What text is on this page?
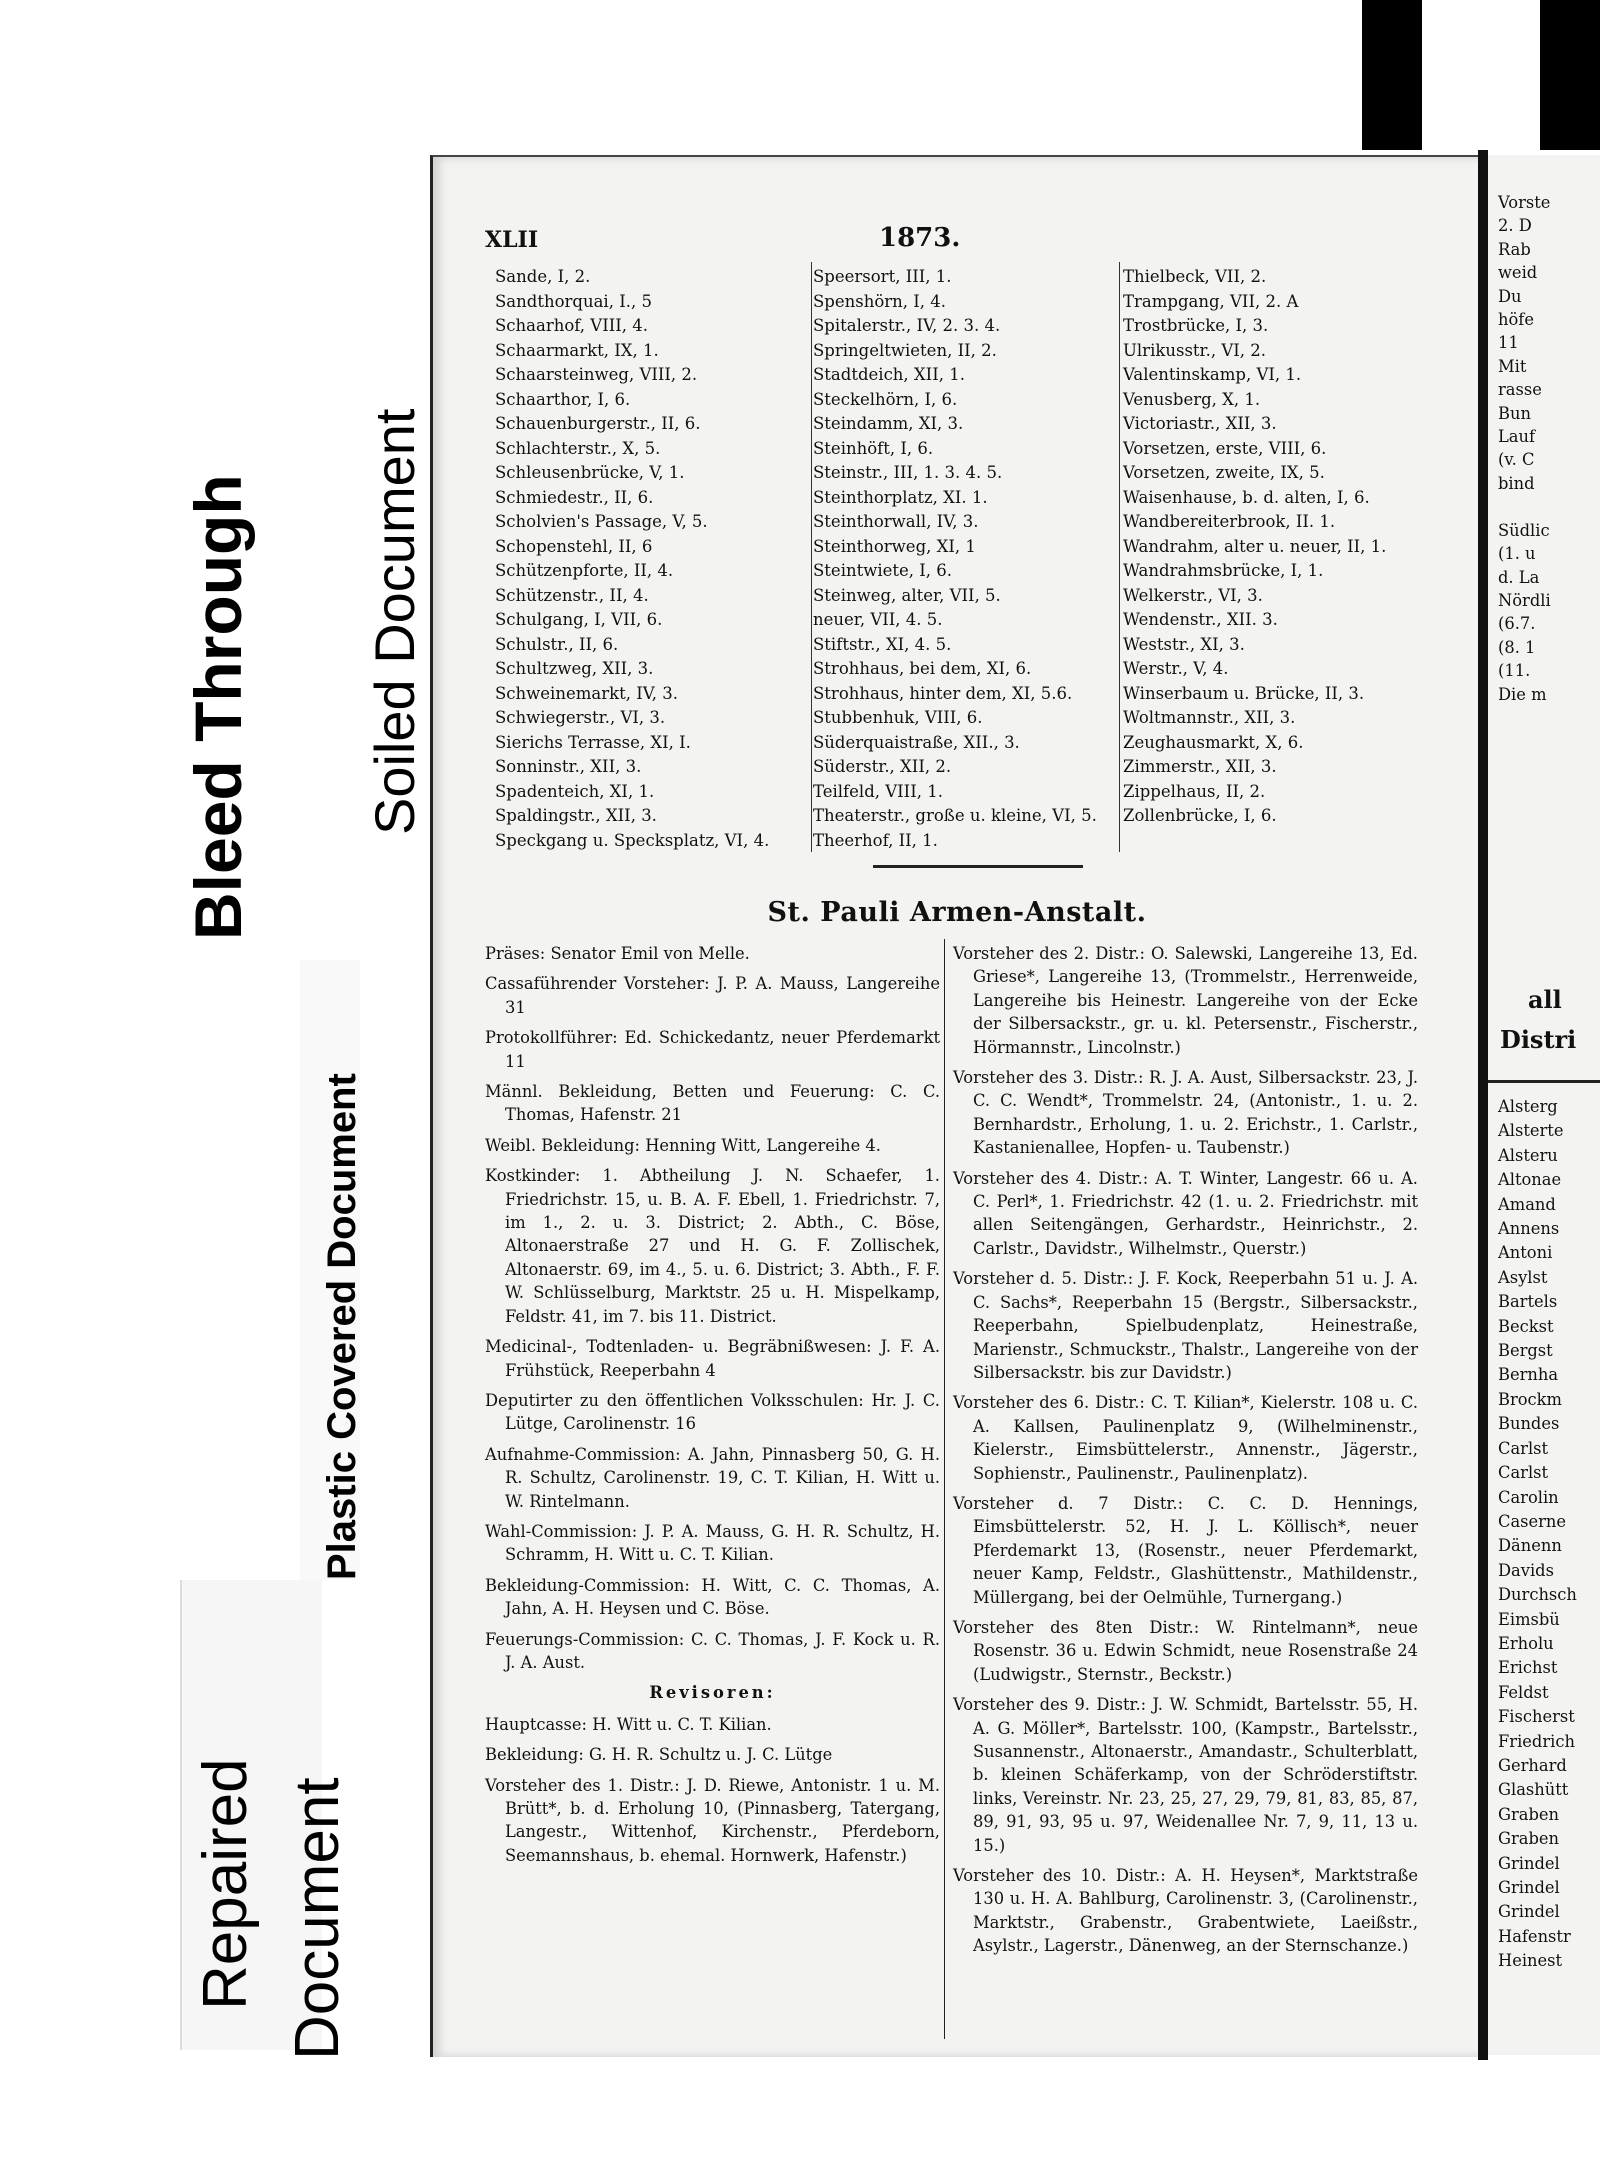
Bleed Through Soiled Document
Plastic Covered Document
Repaired Document
XLII	1873.
Sande, I, 2.
Sandthorquai, I., 5
Schaarhof, VIII, 4.
Schaarmarkt, IX, 1.
Schaarsteinweg, VIII, 2.
Schaarthor, I, 6.
Schauenburgerstr., II, 6.
Schlachterstr., X, 5.
Schleusenbrücke, V, 1.
Schmiedestr., II, 6.
Scholvien's Passage, V, 5.
Schopenstehl, II, 6
Schützenpforte, II, 4.
Schützenstr., II, 4.
Schulgang, I, VII, 6.
Schulstr., II, 6.
Schultzweg, XII, 3.
Schweinemarkt, IV, 3.
Schwiegerstr., VI, 3.
Sierichs Terrasse, XI, I.
Sonninstr., XII, 3.
Spadenteich, XI, 1.
Spaldingstr., XII, 3.
Speckgang u. Specksplatz, VI, 4.
Speersort, III, 1.
Spenshörn, I, 4.
Spitalerstr., IV, 2. 3. 4.
Springeltwieten, II, 2.
Stadtdeich, XII, 1.
Steckelhörn, I, 6.
Steindamm, XI, 3.
Steinhöft, I, 6.
Steinstr., III, 1. 3. 4. 5.
Steinthorplatz, XI. 1.
Steinthorwall, IV, 3.
Steinthorweg, XI, 1
Steintwiete, I, 6.
Steinweg, alter, VII, 5.
neuer, VII, 4. 5.
Stiftstr., XI, 4. 5.
Strohhaus, bei dem, XI, 6.
Strohhaus, hinter dem, XI, 5.6.
Stubbenhuk, VIII, 6.
Süderquaistraße, XII., 3.
Süderstr., XII, 2.
Teilfeld, VIII, 1.
Theaterstr., große u. kleine, VI, 5.
Theerhof, II, 1.
Thielbeck, VII, 2.
Trampgang, VII, 2. A
Trostbrücke, I, 3.
Ulrikusstr., VI, 2.
Valentinskamp, VI, 1.
Venusberg, X, 1.
Victoriastr., XII, 3.
Vorsetzen, erste, VIII, 6.
Vorsetzen, zweite, IX, 5.
Waisenhause, b. d. alten, I, 6.
Wandbereiterbrook, II. 1.
Wandrahm, alter u. neuer, II, 1.
Wandrahmsbrücke, I, 1.
Welkerstr., VI, 3.
Wendenstr., XII. 3.
Weststr., XI, 3.
Werstr., V, 4.
Winserbaum u. Brücke, II, 3.
Woltmannstr., XII, 3.
Zeughausmarkt, X, 6.
Zimmerstr., XII, 3.
Zippelhaus, II, 2.
Zollenbrücke, I, 6.

St. Pauli Armen-Anstalt.

Präses: Senator Emil von Melle.

Cassaführender Vorsteher: J. P. A. Mauss, Langereihe 31

Protokollführer: Ed. Schickedantz, neuer Pferdemarkt 11

Männl. Bekleidung, Betten und Feuerung: C. C. Thomas, Hafenstr. 21

Weibl. Bekleidung: Henning Witt, Langereihe 4.

Kostkinder: 1. Abtheilung J. N. Schaefer, 1. Friedrichstr. 15, u. B. A. F. Ebell, 1. Friedrichstr. 7, im 1., 2. u. 3. District; 2. Abth., C. Böse, Altonaerstraße 27 und H. G. F. Zollischek, Altonaerstr. 69, im 4., 5. u. 6. District; 3. Abth., F. F. W. Schlüsselburg, Marktstr. 25 u. H. Mispelkamp, Feldstr. 41, im 7. bis 11. District.

Medicinal-, Todtenladen- u. Begräbnißwesen: J. F. A. Frühstück, Reeperbahn 4

Deputirter zu den öffentlichen Volksschulen: Hr. J. C. Lütge, Carolinenstr. 16

Aufnahme-Commission: A. Jahn, Pinnasberg 50, G. H. R. Schultz, Carolinenstr. 19, C. T. Kilian, H. Witt u. W. Rintelmann.

Wahl-Commission: J. P. A. Mauss, G. H. R. Schultz, H. Schramm, H. Witt u. C. T. Kilian.

Bekleidung-Commission: H. Witt, C. C. Thomas, A. Jahn, A. H. Heysen und C. Böse.

Feuerungs-Commission: C. C. Thomas, J. F. Kock u. R. J. A. Aust.

Revisoren:

Hauptcasse: H. Witt u. C. T. Kilian.

Bekleidung: G. H. R. Schultz u. J. C. Lütge

Vorsteher des 1. Distr.: J. D. Riewe, Antonistr. 1 u. M. Brütt*, b. d. Erholung 10, (Pinnasberg, Tatergang, Langestr., Wittenhof, Kirchenstr., Pferdeborn, Seemannshaus, b. ehemal. Hornwerk, Hafenstr.)

Vorsteher des 2. Distr.: O. Salewski, Langereihe 13, Ed. Griese*, Langereihe 13, (Trommelstr., Herrenweide, Langereihe bis Heinestr. Langereihe von der Ecke der Silbersackstr., gr. u. kl. Petersenstr., Fischerstr., Hörmannstr., Lincolnstr.)

Vorsteher des 3. Distr.: R. J. A. Aust, Silbersackstr. 23, J. C. C. Wendt*, Trommelstr. 24, (Antonistr., 1. u. 2. Bernhardstr., Erholung, 1. u. 2. Erichstr., 1. Carlstr., Kastanienallee, Hopfen- u. Taubenstr.)

Vorsteher des 4. Distr.: A. T. Winter, Langestr. 66 u. A. C. Perl*, 1. Friedrichstr. 42 (1. u. 2. Friedrichstr. mit allen Seitengängen, Gerhardstr., Heinrichstr., 2. Carlstr., Davidstr., Wilhelmstr., Querstr.)

Vorsteher d. 5. Distr.: J. F. Kock, Reeperbahn 51 u. J. A. C. Sachs*, Reeperbahn 15 (Bergstr., Silbersackstr., Reeperbahn, Spielbudenplatz, Heinestraße, Marienstr., Schmuckstr., Thalstr., Langereihe von der Silbersackstr. bis zur Davidstr.)

Vorsteher des 6. Distr.: C. T. Kilian*, Kielerstr. 108 u. C. A. Kallsen, Paulinenplatz 9, (Wilhelminenstr., Kielerstr., Eimsbüttelerstr., Annenstr., Jägerstr., Sophienstr., Paulinenstr., Paulinenplatz).

Vorsteher d. 7 Distr.: C. C. D. Hennings, Eimsbüttelerstr. 52, H. J. L. Köllisch*, neuer Pferdemarkt 13, (Rosenstr., neuer Pferdemarkt, neuer Kamp, Feldstr., Glashüttenstr., Mathildenstr., Müllergang, bei der Oelmühle, Turnergang.)

Vorsteher des 8ten Distr.: W. Rintelmann*, neue Rosenstr. 36 u. Edwin Schmidt, neue Rosenstraße 24 (Ludwigstr., Sternstr., Beckstr.)

Vorsteher des 9. Distr.: J. W. Schmidt, Bartelsstr. 55, H. A. G. Möller*, Bartelsstr. 100, (Kampstr., Bartelsstr., Susannenstr., Altonaerstr., Amandastr., Schulterblatt, b. kleinen Schäferkamp, von der Schröderstiftstr. links, Vereinstr. Nr. 23, 25, 27, 29, 79, 81, 83, 85, 87, 89, 91, 93, 95 u. 97, Weidenallee Nr. 7, 9, 11, 13 u. 15.)

Vorsteher des 10. Distr.: A. H. Heysen*, Marktstraße 130 u. H. A. Bahlburg, Carolinenstr. 3, (Carolinenstr., Marktstr., Grabenstr., Grabentwiete, Laeißstr., Asylstr., Lagerstr., Dänenweg, an der Sternschanze.)

Vorste
2. D
Rab
weid
Du
höfe
11
Mit
rasse
Bun
Lauf
(v. C
bind

Südlic
(1. u
d. La
Nördli
(6.7.
(8. 1
(11.
Die m
all
Distri
Alsterg
Alsterte
Alsteru
Altonae
Amand
Annens
Antoni
Asylst
Bartels
Beckst
Bergst
Bernha
Brockm
Bundes
Carlst
Carlst
Carolin
Caserne
Dänenn
Davids
Durchsch
Eimsbü
Erholu
Erichst
Feldst
Fischerst
Friedrich
Gerhard
Glashütt
Graben
Graben
Grindel
Grindel
Grindel
Hafenstr
Heinest
